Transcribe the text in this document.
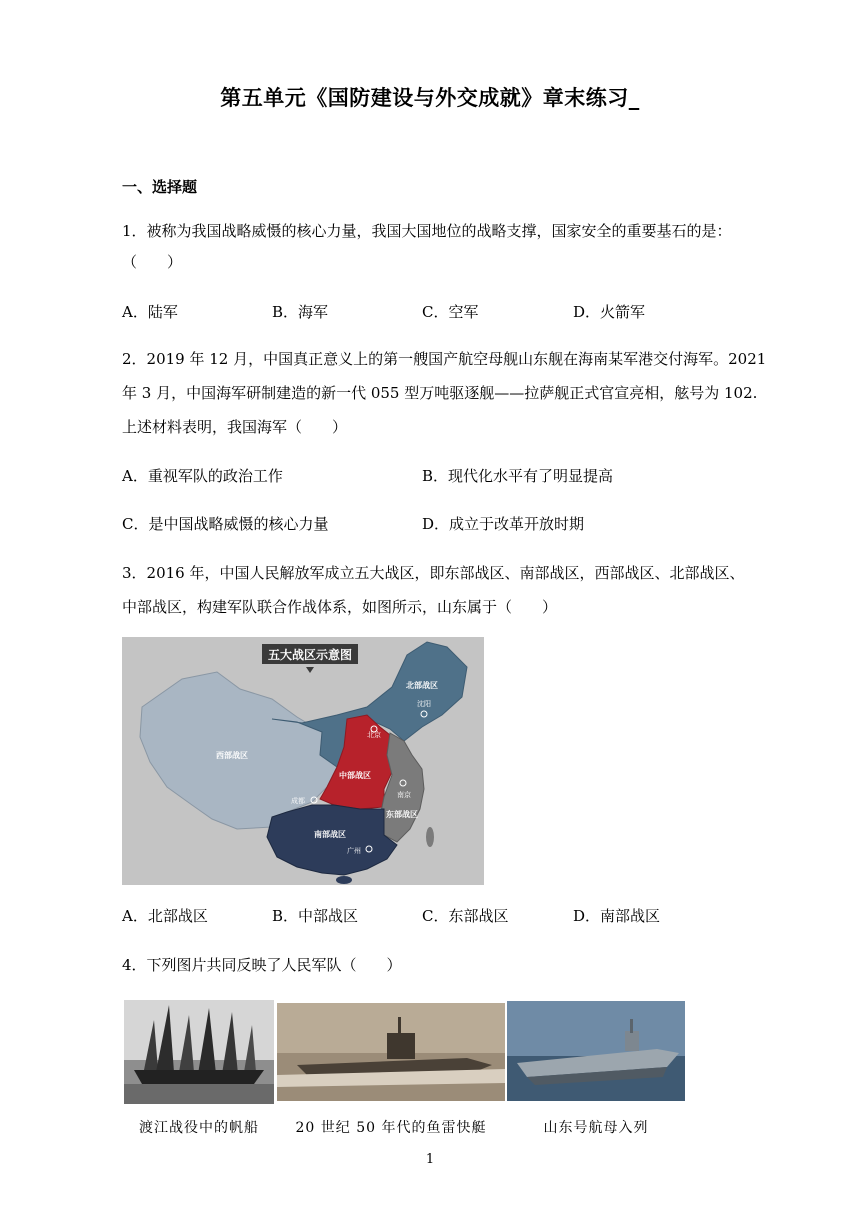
第五单元《国防建设与外交成就》章末练习_
一、选择题
1．被称为我国战略威慑的核心力量，我国大国地位的战略支撑，国家安全的重要基石的是：
（　　）
A．陆军	B．海军	C．空军	D．火箭军
2．2019 年 12 月，中国真正意义上的第一艘国产航空母舰山东舰在海南某军港交付海军。2021
年 3 月，中国海军研制建造的新一代 055 型万吨驱逐舰——拉萨舰正式官宣亮相，舷号为 102.
上述材料表明，我国海军（　　）
A．重视军队的政治工作	B．现代化水平有了明显提高
C．是中国战略威慑的核心力量	D．成立于改革开放时期
3．2016 年，中国人民解放军成立五大战区，即东部战区、南部战区，西部战区、北部战区、
中部战区，构建军队联合作战体系，如图所示，山东属于（　　）
五大战区示意图
北部战区
西部战区
中部战区
东部战区
南部战区
沈阳
北京
成都
南京
广州
A．北部战区	B．中部战区	C．东部战区	D．南部战区
4．下列图片共同反映了人民军队（　　）
渡江战役中的帆船	20 世纪 50 年代的鱼雷快艇	山东号航母入列
1
